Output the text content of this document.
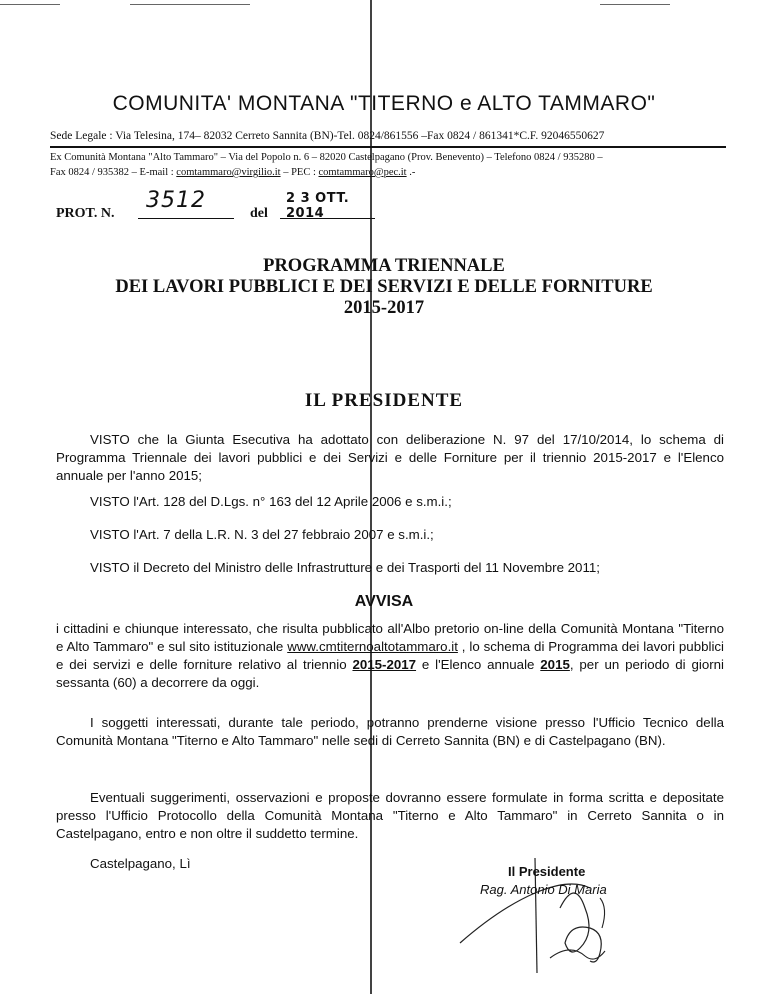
COMUNITA' MONTANA "TITERNO e ALTO TAMMARO"
Sede Legale : Via Telesina, 174– 82032 Cerreto Sannita (BN)-Tel. 0824/861556 –Fax 0824 / 861341*C.F. 92046550627
Ex Comunità Montana "Alto Tammaro" – Via del Popolo n. 6 – 82020 Castelpagano (Prov. Benevento) – Telefono 0824 / 935280 –
Fax 0824 / 935382 – E-mail : comtammaro@virgilio.it – PEC : comtammaro@pec.it .-
PROT. N.
3512
del
2 3 OTT. 2014
PROGRAMMA TRIENNALE
DEI LAVORI PUBBLICI E DEI SERVIZI E DELLE FORNITURE
2015-2017
IL PRESIDENTE
VISTO che la Giunta Esecutiva ha adottato con deliberazione N. 97 del 17/10/2014, lo schema di Programma Triennale dei lavori pubblici e dei Servizi e delle Forniture per il triennio 2015-2017 e l'Elenco annuale per l'anno 2015;
VISTO l'Art. 128 del D.Lgs. n° 163 del 12 Aprile 2006 e s.m.i.;
VISTO l'Art. 7 della L.R. N. 3 del 27 febbraio 2007 e s.m.i.;
VISTO il Decreto del Ministro delle Infrastrutture e dei Trasporti del 11 Novembre 2011;
AVVISA
i cittadini e chiunque interessato, che risulta pubblicato all'Albo pretorio on-line della Comunità Montana "Titerno e Alto Tammaro" e sul sito istituzionale www.cmtiternoaltotammaro.it , lo schema di Programma dei lavori pubblici e dei servizi e delle forniture relativo al triennio 2015-2017 e l'Elenco annuale 2015, per un periodo di giorni sessanta (60) a decorrere da oggi.
I soggetti interessati, durante tale periodo, potranno prenderne visione presso l'Ufficio Tecnico della Comunità Montana "Titerno e Alto Tammaro" nelle sedi di Cerreto Sannita (BN) e di Castelpagano (BN).
Eventuali suggerimenti, osservazioni e proposte dovranno essere formulate in forma scritta e depositate presso l'Ufficio Protocollo della Comunità Montana "Titerno e Alto Tammaro" in Cerreto Sannita o in Castelpagano, entro e non oltre il suddetto termine.
Castelpagano, Lì
Il Presidente
Rag. Antonio Di Maria
